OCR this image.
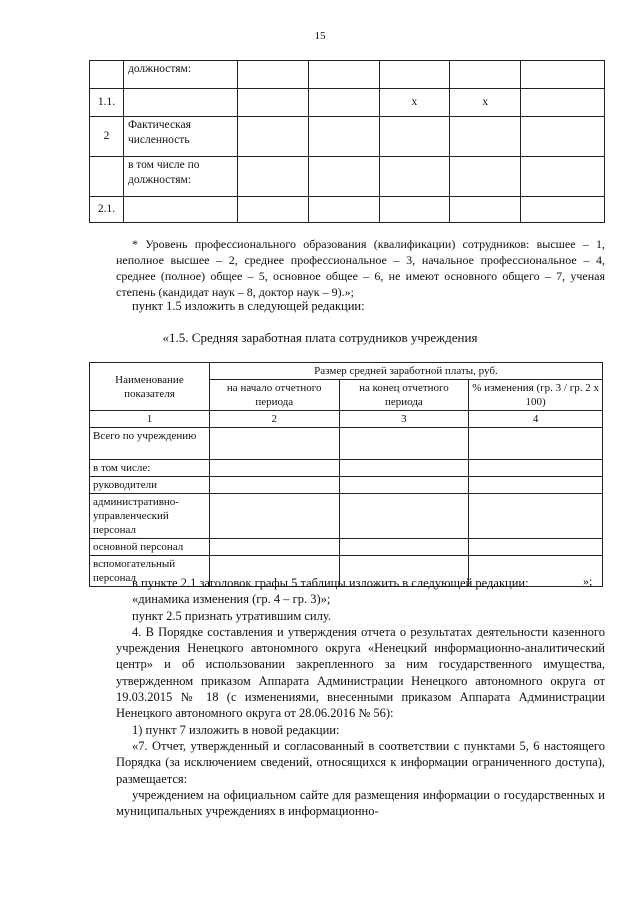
15
	должностям:					
1.1.				x	x	
2	Фактическая численность					
	в том числе по должностям:					
2.1.						
* Уровень профессионального образования (квалификации) сотрудников: высшее – 1, неполное высшее – 2, среднее профессиональное – 3, начальное профессиональное – 4, среднее (полное) общее – 5, основное общее – 6, не имеют основного общего – 7, ученая степень (кандидат наук – 8, доктор наук – 9).»;
пункт 1.5 изложить в следующей редакции:
«1.5. Средняя заработная плата сотрудников учреждения
Наименование показателя	Размер средней заработной платы, руб.		
	на начало отчетного периода	на конец отчетного периода	% изменения (гр. 3 / гр. 2 x 100)
1	2	3	4
Всего по учреждению			
в том числе:			
руководители			
административно-управленческий персонал			
основной персонал			
вспомогательный персонал				»;

в пункте 2.1 заголовок графы 5 таблицы изложить в следующей редакции:

«динамика изменения (гр. 4 – гр. 3)»;

пункт 2.5 признать утратившим силу.

4. В Порядке составления и утверждения отчета о результатах деятельности казенного учреждения Ненецкого автономного округа «Ненецкий информационно-аналитический центр» и об использовании закрепленного за ним государственного имущества, утвержденном приказом Аппарата Администрации Ненецкого автономного округа от 19.03.2015 № 18 (с изменениями, внесенными приказом Аппарата Администрации Ненецкого автономного округа от 28.06.2016 № 56):

1) пункт 7 изложить в новой редакции:

«7. Отчет, утвержденный и согласованный в соответствии с пунктами 5, 6 настоящего Порядка (за исключением сведений, относящихся к информации ограниченного доступа), размещается:

учреждением на официальном сайте для размещения информации о государственных и муниципальных учреждениях в информационно-
